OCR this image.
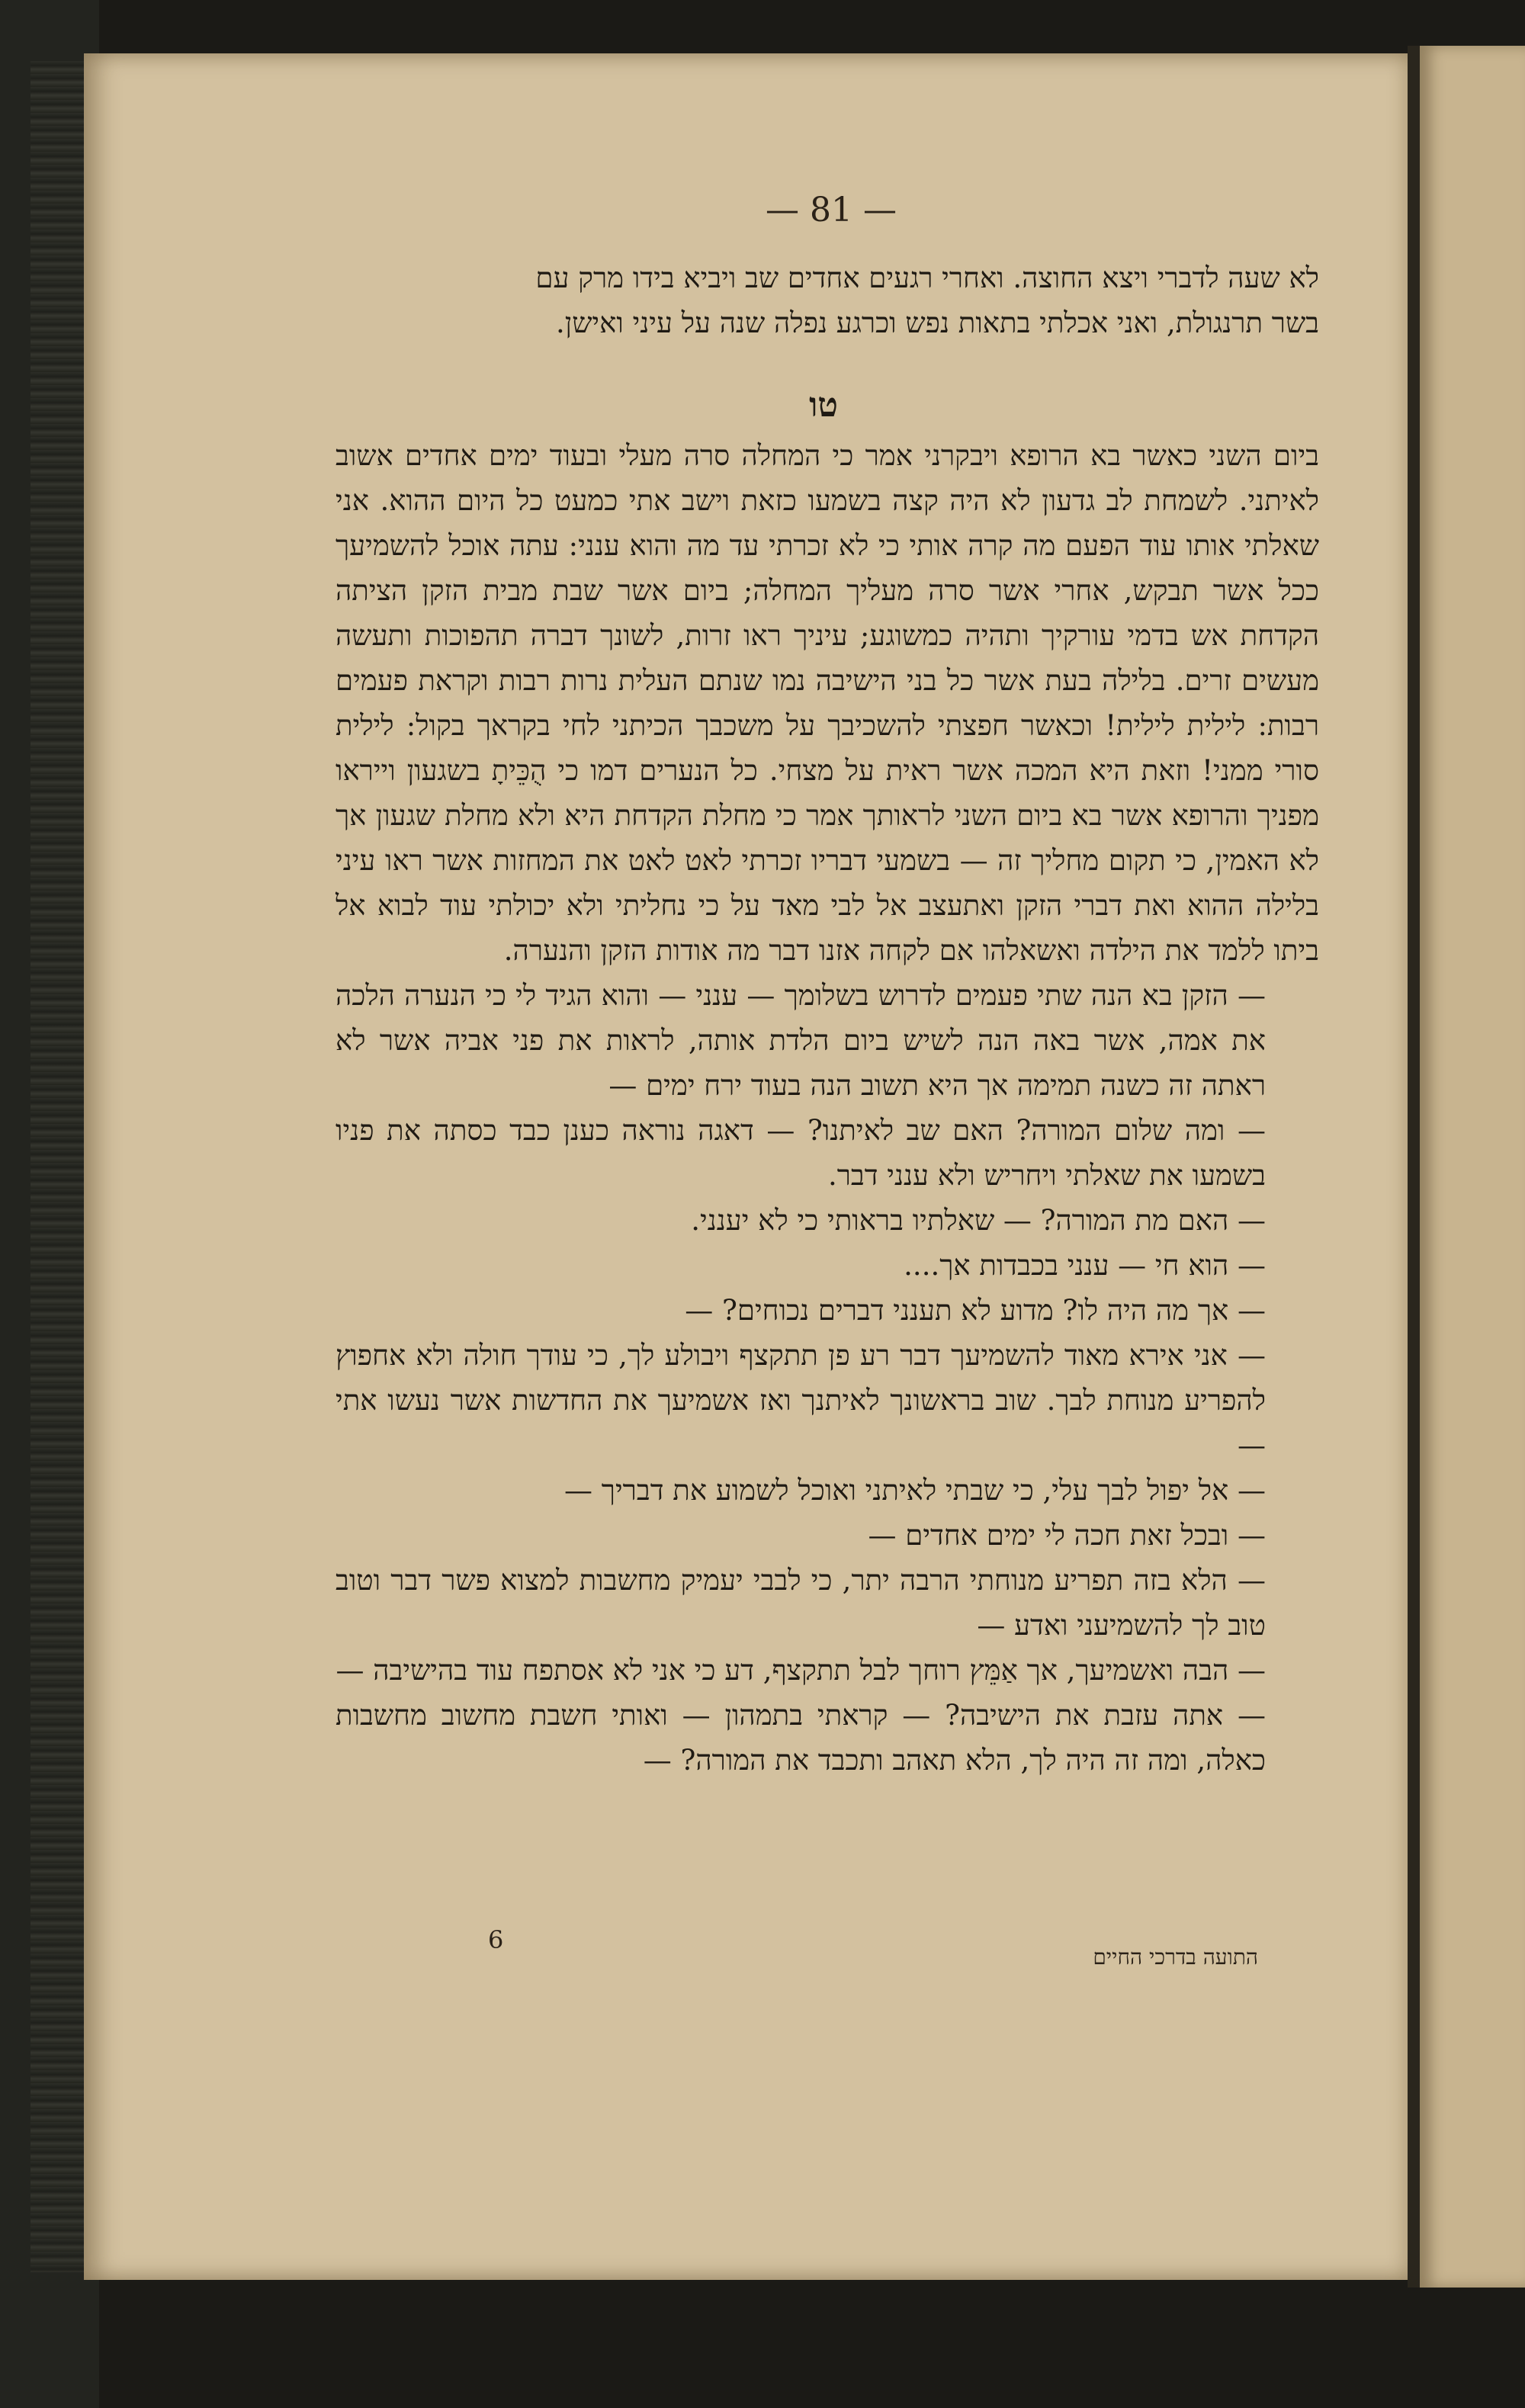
— 81 —

לא שעה לדברי ויצא החוצה. ואחרי רגעים אחדים שב ויביא בידו מרק עם

בשר תרנגולת, ואני אכלתי בתאות נפש וכרגע נפלה שנה על עיני ואישן.

טו

ביום השני כאשר בא הרופא ויבקרני אמר כי המחלה סרה מעלי ובעוד ימים אחדים אשוב לאיתני. לשמחת לב גדעון לא היה קצה בשמעו כזאת וישב אתי כמעט כל היום ההוא. אני שאלתי אותו עוד הפעם מה קרה אותי כי לא זכרתי עד מה והוא ענני: עתה אוכל להשמיעך ככל אשר תבקש, אחרי אשר סרה מעליך המחלה; ביום אשר שבת מבית הזקן הציתה הקדחת אש בדמי עורקיך ותהיה כמשוגע; עיניך ראו זרות, לשונך דברה תהפוכות ותעשה מעשים זרים. בלילה בעת אשר כל בני הישיבה נמו שנתם העלית נרות רבות וקראת פעמים רבות: לילית לילית! וכאשר חפצתי להשכיבך על משכבך הכיתני לחי בקראך בקול: לילית סורי ממני! וזאת היא המכה אשר ראית על מצחי. כל הנערים דמו כי הֻכֵּיתָ בשגעון וייראו מפניך והרופא אשר בא ביום השני לראותך אמר כי מחלת הקדחת היא ולא מחלת שגעון אך לא האמין, כי תקום מחליך זה — בשמעי דבריו זכרתי לאט לאט את המחזות אשר ראו עיני בלילה ההוא ואת דברי הזקן ואתעצב אל לבי מאד על כי נחליתי ולא יכולתי עוד לבוא אל ביתו ללמד את הילדה ואשאלהו אם לקחה אזנו דבר מה אודות הזקן והנערה.

— הזקן בא הנה שתי פעמים לדרוש בשלומך — ענני — והוא הגיד לי כי הנערה הלכה את אמה, אשר באה הנה לשיש ביום הלדת אותה, לראות את פני אביה אשר לא ראתה זה כשנה תמימה אך היא תשוב הנה בעוד ירח ימים —

— ומה שלום המורה? האם שב לאיתנו? — דאגה נוראה כענן כבד כסתה את פניו בשמעו את שאלתי ויחריש ולא ענני דבר.

— האם מת המורה? — שאלתיו בראותי כי לא יענני.

— הוא חי — ענני בכבדות אך....

— אך מה היה לו? מדוע לא תענני דברים נכוחים? —

— אני אירא מאוד להשמיעך דבר רע פן תתקצף ויבולע לך, כי עודך חולה ולא אחפוץ להפריע מנוחת לבך. שוב בראשונך לאיתנך ואז אשמיעך את החדשות אשר נעשו אתי —

— אל יפול לבך עלי, כי שבתי לאיתני ואוכל לשמוע את דבריך —

— ובכל זאת חכה לי ימים אחדים —

— הלא בזה תפריע מנוחתי הרבה יתר, כי לבבי יעמיק מחשבות למצוא פשר דבר וטוב טוב לך להשמיעני ואדע —

— הבה ואשמיעך, אך אַמֵּץ רוחך לבל תתקצף, דע כי אני לא אסתפח עוד בהישיבה —

— אתה עזבת את הישיבה? — קראתי בתמהון — ואותי חשבת מחשוב מחשבות כאלה, ומה זה היה לך, הלא תאהב ותכבד את המורה? —

6
התועה בדרכי החיים
